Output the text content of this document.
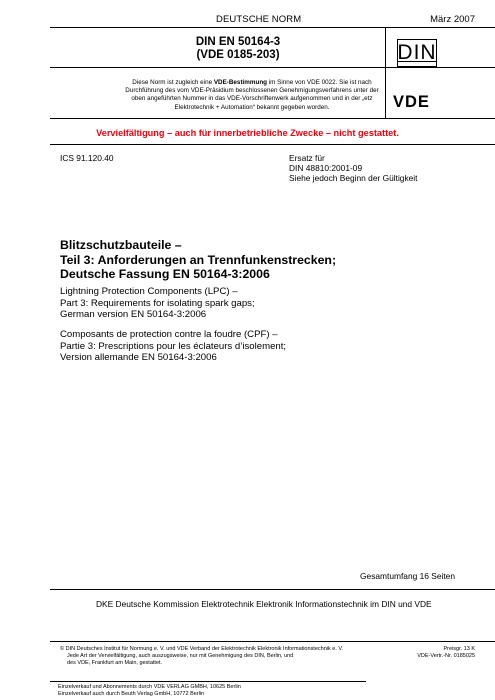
DEUTSCHE NORM	März 2007
DIN EN 50164-3
(VDE 0185-203)	DIN
VDE
Diese Norm ist zugleich eine VDE-Bestimmung im Sinne von VDE 0022. Sie ist nach Durchführung des vom VDE-Präsidium beschlossenen Genehmigungsverfahrens unter der oben angeführten Nummer in das VDE-Vorschriftenwerk aufgenommen und in der „etz Elektrotechnik + Automation“ bekannt gegeben worden.
Vervielfältigung – auch für innerbetriebliche Zwecke – nicht gestattet.
ICS 91.120.40	Ersatz für
DIN 48810:2001-09
Siehe jedoch Beginn der Gültigkeit
Blitzschutzbauteile –
Teil 3: Anforderungen an Trennfunkenstrecken;
Deutsche Fassung EN 50164-3:2006
Lightning Protection Components (LPC) –
Part 3: Requirements for isolating spark gaps;
German version EN 50164-3:2006
Composants de protection contre la foudre (CPF) –
Partie 3: Prescriptions pour les éclateurs d’isolement;
Version allemande EN 50164-3:2006
Gesamtumfang 16 Seiten
DKE Deutsche Kommission Elektrotechnik Elektronik Informationstechnik im DIN und VDE
© DIN Deutsches Institut für Normung e. V. und VDE Verband der Elektrotechnik Elektronik Informationstechnik e. V.
Jede Art der Vervielfältigung, auch auszugsweise, nur mit Genehmigung des DIN, Berlin, und
des VDE, Frankfurt am Main, gestattet.
Preisgr. 13 K
VDE-Vertr.-Nr. 0185025
Einzelverkauf und Abonnements durch VDE VERLAG GMBH, 10625 Berlin
Einzelverkauf auch durch Beuth Verlag GmbH, 10772 Berlin
